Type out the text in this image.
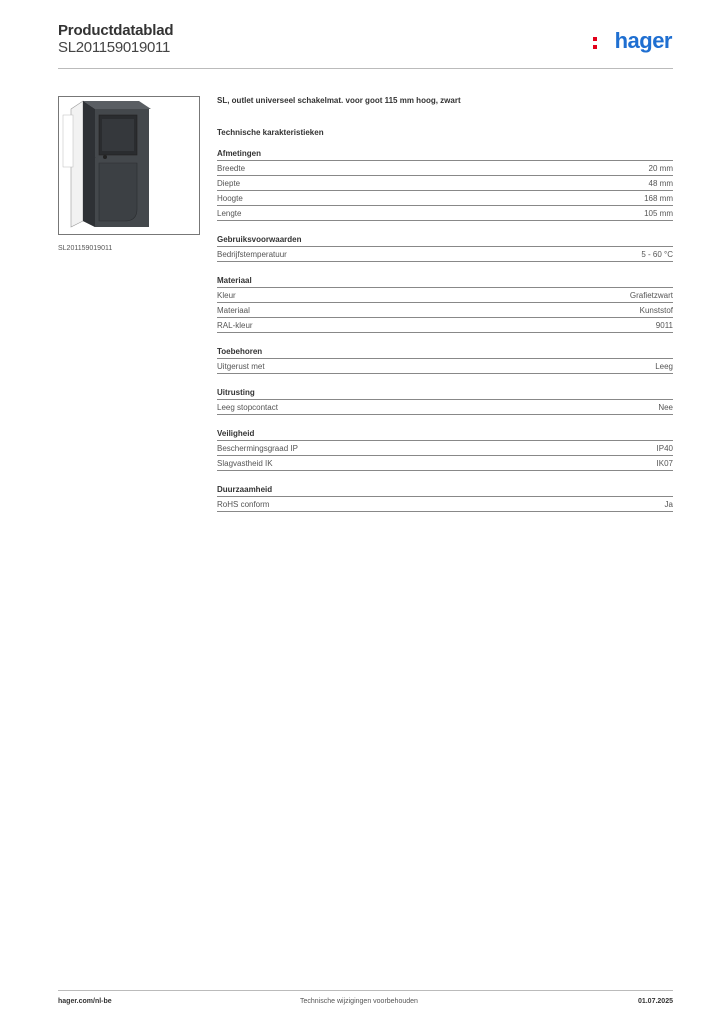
Productdatablad
SL201159019011	hager
SL201159019011
SL, outlet universeel schakelmat. voor goot 115 mm hoog, zwart
Technische karakteristieken
Afmetingen
Breedte	20 mm
Diepte	48 mm
Hoogte	168 mm
Lengte	105 mm
Gebruiksvoorwaarden
Bedrijfstemperatuur	5 - 60 °C
Materiaal
Kleur	Grafietzwart
Materiaal	Kunststof
RAL-kleur	9011
Toebehoren
Uitgerust met	Leeg
Uitrusting
Leeg stopcontact	Nee
Veiligheid
Beschermingsgraad IP	IP40
Slagvastheid IK	IK07
Duurzaamheid
RoHS conform	Ja
hager.com/nl-be	Technische wijzigingen voorbehouden	01.07.2025
